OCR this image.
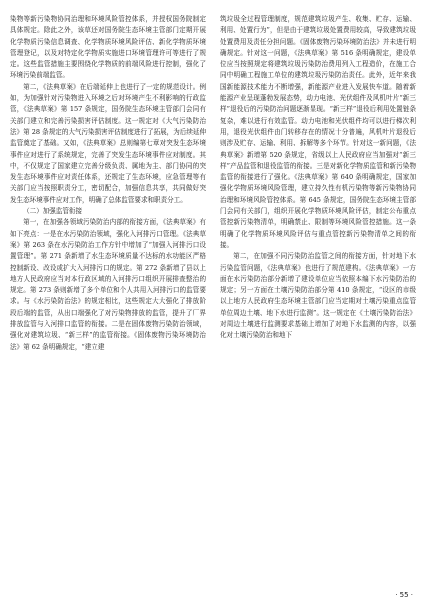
染物等新污染物协同治理和环境风险管控体系，并授权国务院制定具体规定。除此之外，该草还对国务院生态环境主管部门定期开展化学物质污染信息调查、化学物质环境风险评估、新化学物质环境管理登记，以及对特定化学物质实施进口环境管理许可等进行了规定。这些监管措施主要围绕化学物质的前端风险进行控制，强化了环境污染前端监管。

第二，《法典草案》在后端延伸上也进行了一定的规范设计。例如，为加强针对污染物进入环境之后对环境产生不利影响的行政监管，《法典草案》第 157 条规定，国务院生态环境主管部门会同有关部门建立和完善污染损害评估制度。这一规定对《大气污染防治法》第 28 条规定的大气污染损害评估制度进行了拓展，为后续延伸监管奠定了基础。又如，《法典草案》总则编第七章对突发生态环境事件应对进行了系统规定，完善了突发生态环境事件应对制度。其中，不仅规定了国家建立完善分级负责、属地为主、部门协同的突发生态环境事件应对责任体系，还规定了生态环境，应急管理等有关部门应当按照职责分工，密切配合，加强信息共享，共同做好突发生态环境事件应对工作，明确了总体监管要求和职责分工。

（二）加强监管衔接

第一，在加强各领域污染防治内部的衔接方面，《法典草案》有如下亮点：一是在水污染防治领域，强化入河排污口管理。《法典草案》第 263 条在水污染防治工作方针中增加了“加强入河排污口设置管理”。第 271 条新增了水生态环境质量不达标的水功能区严格控制新设、改设或扩大入河排污口的规定。第 272 条新增了县以上地方人民政府应当对本行政区域的入河排污口组织开展排查整治的规定。第 273 条则新增了多个单位和个人共用入河排污口的监管要求。与《水污染防治法》的规定相比，这些规定大大强化了排放阶段后端的监管，从出口端强化了对污染物排放的监管，提升了厂界排放监管与入河排口监管的衔接。二是在固体废物污染防治领域，强化对建筑垃圾、“新三样”的监管衔接。《固体废物污染环境防治法》第 62 条明确规定，“建立建

筑垃圾全过程管理制度，规范建筑垃圾产生、收集、贮存、运输、利用、处置行为”，但是由于建筑垃圾处置费用较高，导致建筑垃圾处置费用及责任分担问题。《固体废物污染环境防治法》并未进行明确规定。针对这一问题，《法典草案》第 516 条明确规定，建设单位应当按照规定将建筑垃圾污染防治费用列入工程造价，在施工合同中明确工程施工单位的建筑垃圾污染防治责任。此外，近年来我国新能源技术能力不断增强，新能源产业进入发展快车道。随着新能源产业呈现蓬勃发展态势，动力电池、光伏组件及风机叶片“新三样”退役后的污染防治问题逐渐显现。“新三样”退役后利用处置链条复杂，难以进行有效监管。动力电池和光伏组件均可以进行梯次利用，退役光伏组件由门转移存在的情况十分普遍，风机叶片退役后则涉及贮存、运输、利用、拆解等多个环节。针对这一新问题，《法典草案》新增第 520 条规定，省级以上人民政府应当加强对“新三样”产品监管和退役监管的衔接。三是对新化学物质监管和新污染物监管的衔接进行了强化。《法典草案》第 640 条明确规定，国家加强化学物质环境风险管理，建立持久性有机污染物等新污染物协同治理和环境风险管控体系。第 645 条规定，国务院生态环境主管部门会同有关部门，组织开展化学物质环境风险评估，制定公布重点管控新污染物清单，明确禁止、限制等环境风险管控措施。这一条明确了化学物质环境风险评估与重点管控新污染物清单之间的衔接。

第二，在加强不同污染防治监管之间的衔接方面，针对地下水污染监管问题，《法典草案》也进行了规范建构。《法典草案》一方面在水污染防治部分新增了建设单位应当依照本编下水污染防治的规定；另一方面在土壤污染防治部分第 410 条规定，“设区的市级以上地方人民政府生态环境主管部门应当定期对土壤污染重点监管单位周边土壤、地下水进行监测”。这一规定在《土壤污染防治法》对周边土壤进行监测要求基础上增加了对地下水监测的内容，以强化对土壤污染防治和地下

· 55 ·
